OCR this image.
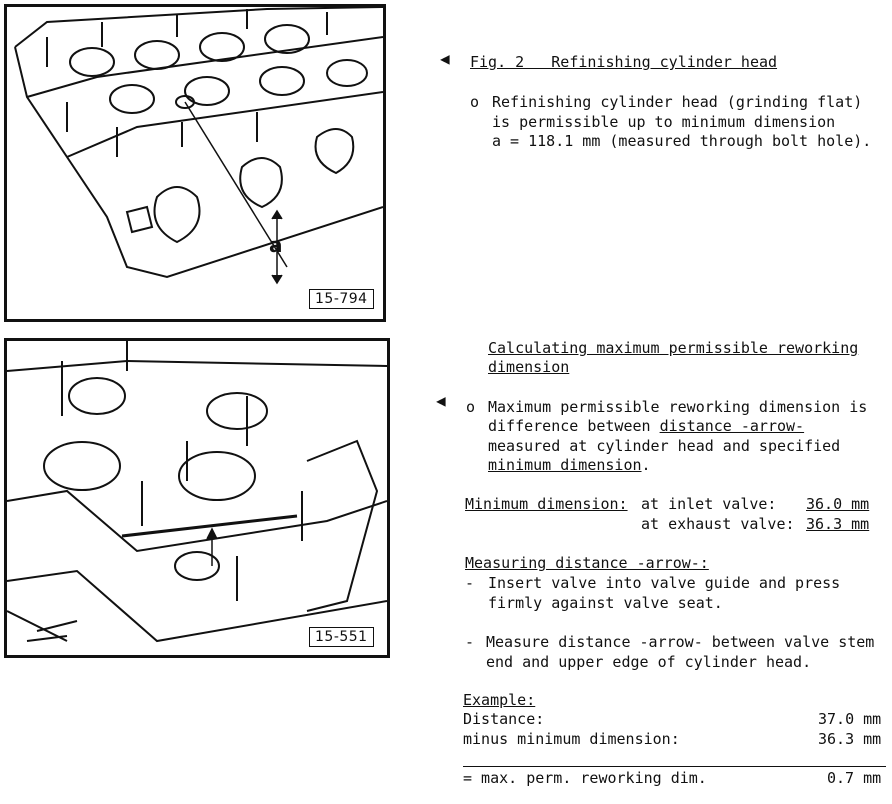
a
15-794
15-551
◀ Fig. 2   Refinishing cylinder head
o Refinishing cylinder head (grinding flat)
is permissible up to minimum dimension
a = 118.1 mm (measured through bolt hole).
Calculating maximum permissible reworking
dimension
◀ o Maximum permissible reworking dimension is
difference between distance -arrow-
measured at cylinder head and specified
minimum dimension.
Minimum dimension: at inlet valve: 36.0 mm
at exhaust valve: 36.3 mm
Measuring distance -arrow-:
- Insert valve into valve guide and press
firmly against valve seat.
- Measure distance -arrow- between valve stem
end and upper edge of cylinder head.
Example:
Distance:	37.0 mm
minus minimum dimension:	36.3 mm
= max. perm. reworking dim.	0.7 mm
